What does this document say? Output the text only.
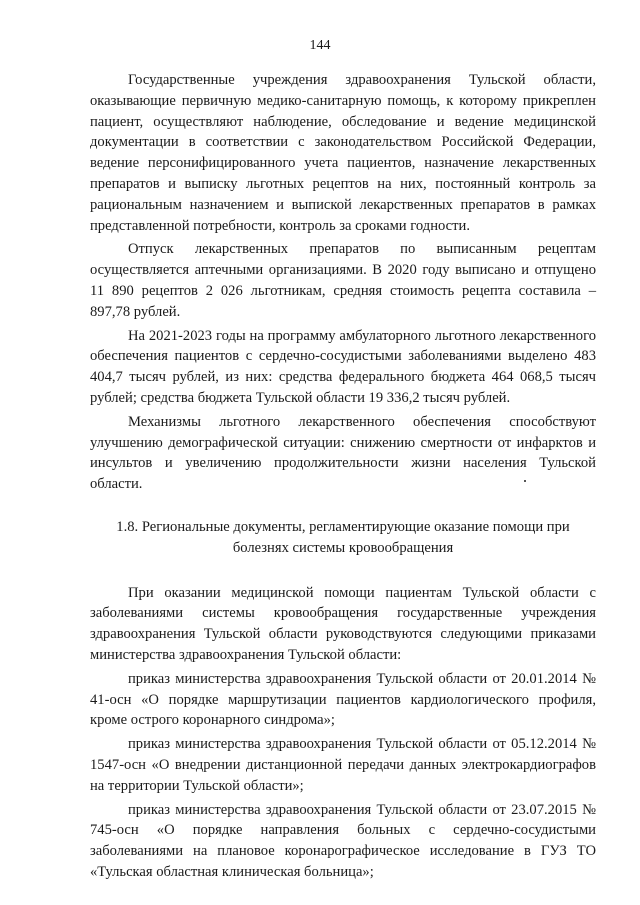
144

Государственные учреждения здравоохранения Тульской области, оказывающие первичную медико-санитарную помощь, к которому прикреплен пациент, осуществляют наблюдение, обследование и ведение медицинской документации в соответствии с законодательством Российской Федерации, ведение персонифицированного учета пациентов, назначение лекарственных препаратов и выписку льготных рецептов на них, постоянный контроль за рациональным назначением и выпиской лекарственных препаратов в рамках представленной потребности, контроль за сроками годности.

Отпуск лекарственных препаратов по выписанным рецептам осуществляется аптечными организациями. В 2020 году выписано и отпущено 11 890 рецептов 2 026 льготникам, средняя стоимость рецепта составила – 897,78 рублей.

На 2021-2023 годы на программу амбулаторного льготного лекарственного обеспечения пациентов с сердечно-сосудистыми заболеваниями выделено 483 404,7 тысяч рублей, из них: средства федерального бюджета 464 068,5 тысяч рублей; средства бюджета Тульской области 19 336,2 тысяч рублей.

Механизмы льготного лекарственного обеспечения способствуют улучшению демографической ситуации: снижению смертности от инфарктов и инсультов и увеличению продолжительности жизни населения Тульской области.

1.8. Региональные документы, регламентирующие оказание помощи при болезнях системы кровообращения

При оказании медицинской помощи пациентам Тульской области с заболеваниями системы кровообращения государственные учреждения здравоохранения Тульской области руководствуются следующими приказами министерства здравоохранения Тульской области:

приказ министерства здравоохранения Тульской области от 20.01.2014 № 41-осн «О порядке маршрутизации пациентов кардиологического профиля, кроме острого коронарного синдрома»;

приказ министерства здравоохранения Тульской области от 05.12.2014 № 1547-осн «О внедрении дистанционной передачи данных электрокардиографов на территории Тульской области»;

приказ министерства здравоохранения Тульской области от 23.07.2015 № 745-осн «О порядке направления больных с сердечно-сосудистыми заболеваниями на плановое коронарографическое исследование в ГУЗ ТО «Тульская областная клиническая больница»;
